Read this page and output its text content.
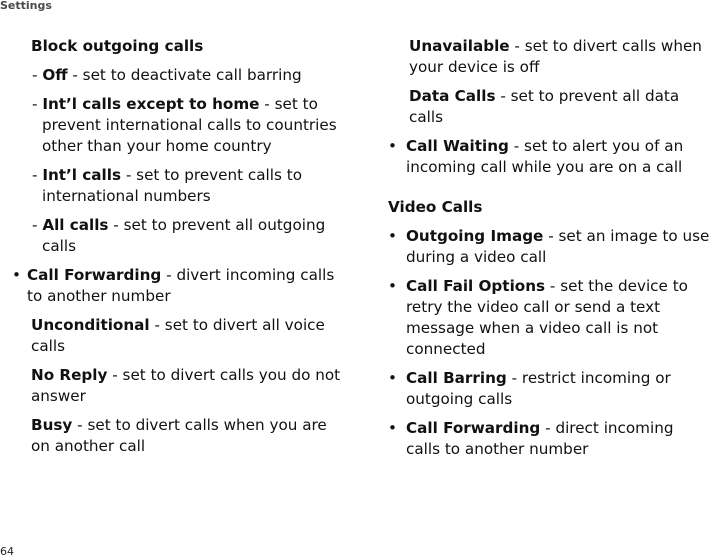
Settings
Block outgoing calls
- Off - set to deactivate call barring
- Int’l calls except to home - set to prevent international calls to countries other than your home country
- Int’l calls - set to prevent calls to international numbers
- All calls - set to prevent all outgoing calls
• Call Forwarding - divert incoming calls to another number
Unconditional - set to divert all voice calls
No Reply - set to divert calls you do not answer
Busy - set to divert calls when you are on another call
Unavailable - set to divert calls when your device is off
Data Calls - set to prevent all data calls
• Call Waiting - set to alert you of an incoming call while you are on a call
Video Calls
• Outgoing Image - set an image to use during a video call
• Call Fail Options - set the device to retry the video call or send a text message when a video call is not connected
• Call Barring - restrict incoming or outgoing calls
• Call Forwarding - direct incoming calls to another number
64
